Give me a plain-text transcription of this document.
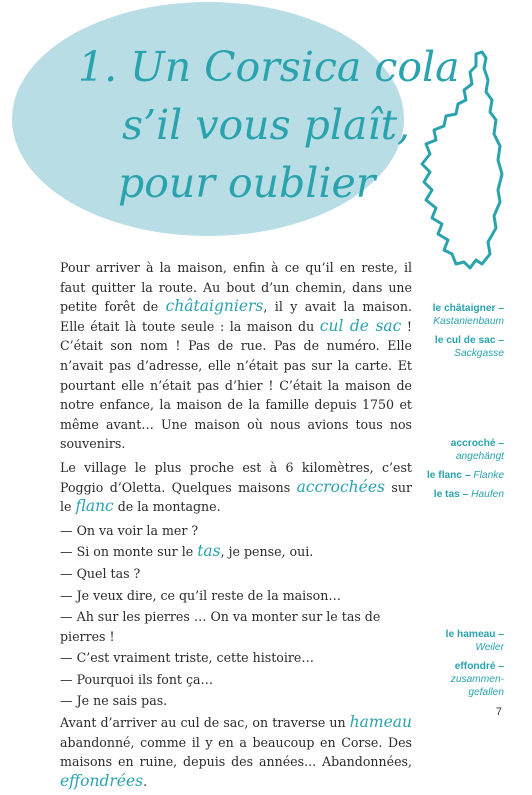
1. Un Corsica cola
s’il vous plaît,
pour oublier

Pour arriver à la maison, enfin à ce qu’il en reste, il faut quitter la route. Au bout d’un chemin, dans une petite forêt de châtaigniers, il y avait la maison. Elle était là toute seule : la maison du cul de sac ! C’était son nom ! Pas de rue. Pas de numéro. Elle n’avait pas d’adresse, elle n’était pas sur la carte. Et pourtant elle n’était pas d’hier ! C’était la maison de notre enfance, la maison de la famille depuis 1750 et même avant… Une maison où nous avions tous nos souvenirs.

Le village le plus proche est à 6 kilomètres, c’est Poggio d’Oletta. Quelques maisons accrochées sur le flanc de la montagne.

— On va voir la mer ?

— Si on monte sur le tas, je pense, oui.

— Quel tas ?

— Je veux dire, ce qu’il reste de la maison…

— Ah sur les pierres … On va monter sur le tas de pierres !

— C’est vraiment triste, cette histoire…

— Pourquoi ils font ça…

— Je ne sais pas.

Avant d’arriver au cul de sac, on traverse un hameau abandonné, comme il y en a beaucoup en Corse. Des maisons en ruine, depuis des années... Abandonnées, effondrées.

le châtaigner –
Kastanienbaum
le cul de sac –
Sackgasse
accroché –
angehängt
le flanc – Flanke
le tas – Haufen
le hameau –
Weiler
effondré –
zusammen-
gefallen
7
